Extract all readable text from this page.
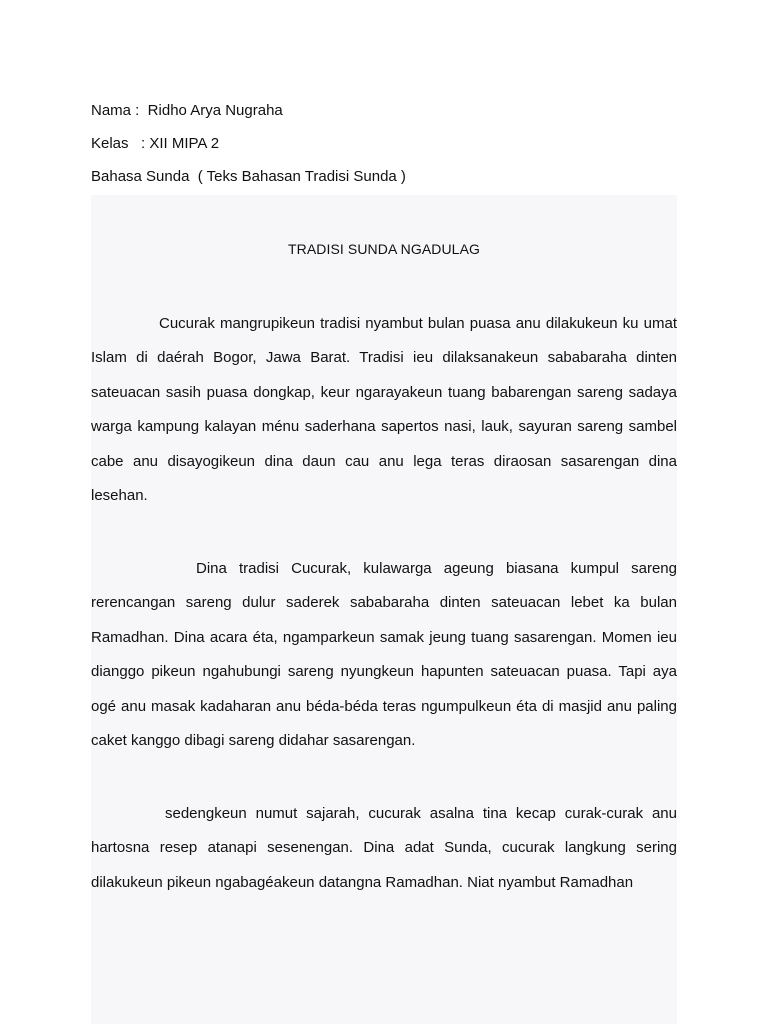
Nama :  Ridho Arya Nugraha
Kelas   : XII MIPA 2
Bahasa Sunda  ( Teks Bahasan Tradisi Sunda )
TRADISI SUNDA NGADULAG
Cucurak mangrupikeun tradisi nyambut bulan puasa anu dilakukeun ku umat Islam di daérah Bogor, Jawa Barat. Tradisi ieu dilaksanakeun sababaraha dinten sateuacan sasih puasa dongkap, keur ngarayakeun tuang babarengan sareng sadaya warga kampung kalayan ménu saderhana sapertos nasi, lauk, sayuran sareng sambel cabe anu disayogikeun dina daun cau anu lega teras diraosan sasarengan dina lesehan.
Dina tradisi Cucurak, kulawarga ageung biasana kumpul sareng rerencangan sareng dulur saderek sababaraha dinten sateuacan lebet ka bulan Ramadhan. Dina acara éta, ngamparkeun samak jeung tuang sasarengan. Momen ieu dianggo pikeun ngahubungi sareng nyungkeun hapunten sateuacan puasa. Tapi aya ogé anu masak kadaharan anu béda-béda teras ngumpulkeun éta di masjid anu paling caket kanggo dibagi sareng didahar sasarengan.
sedengkeun numut sajarah, cucurak asalna tina kecap curak-curak anu hartosna resep atanapi sesenengan. Dina adat Sunda, cucurak langkung sering dilakukeun pikeun ngabagéakeun datangna Ramadhan. Niat nyambut Ramadhan
